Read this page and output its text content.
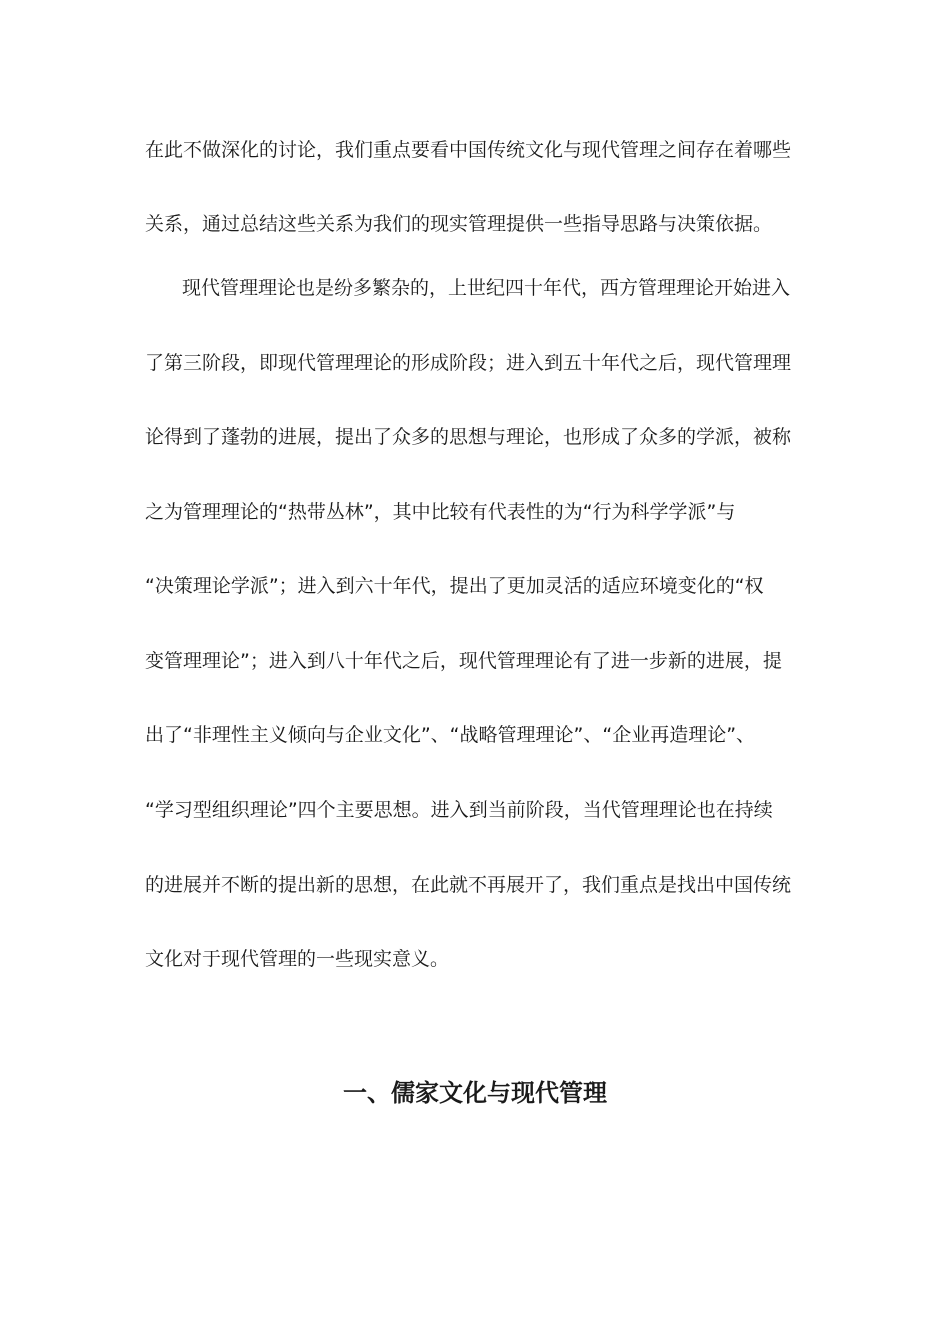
在此不做深化的讨论，我们重点要看中国传统文化与现代管理之间存在着哪些
关系，通过总结这些关系为我们的现实管理提供一些指导思路与决策依据。
现代管理理论也是纷多繁杂的，上世纪四十年代，西方管理理论开始进入
了第三阶段，即现代管理理论的形成阶段；进入到五十年代之后，现代管理理
论得到了蓬勃的进展，提出了众多的思想与理论，也形成了众多的学派，被称
之为管理理论的“热带丛林”，其中比较有代表性的为“行为科学学派”与
“决策理论学派”；进入到六十年代，提出了更加灵活的适应环境变化的“权
变管理理论”；进入到八十年代之后，现代管理理论有了进一步新的进展，提
出了“非理性主义倾向与企业文化”、“战略管理理论”、“企业再造理论”、
“学习型组织理论”四个主要思想。进入到当前阶段，当代管理理论也在持续
的进展并不断的提出新的思想，在此就不再展开了，我们重点是找出中国传统
文化对于现代管理的一些现实意义。
一、儒家文化与现代管理
